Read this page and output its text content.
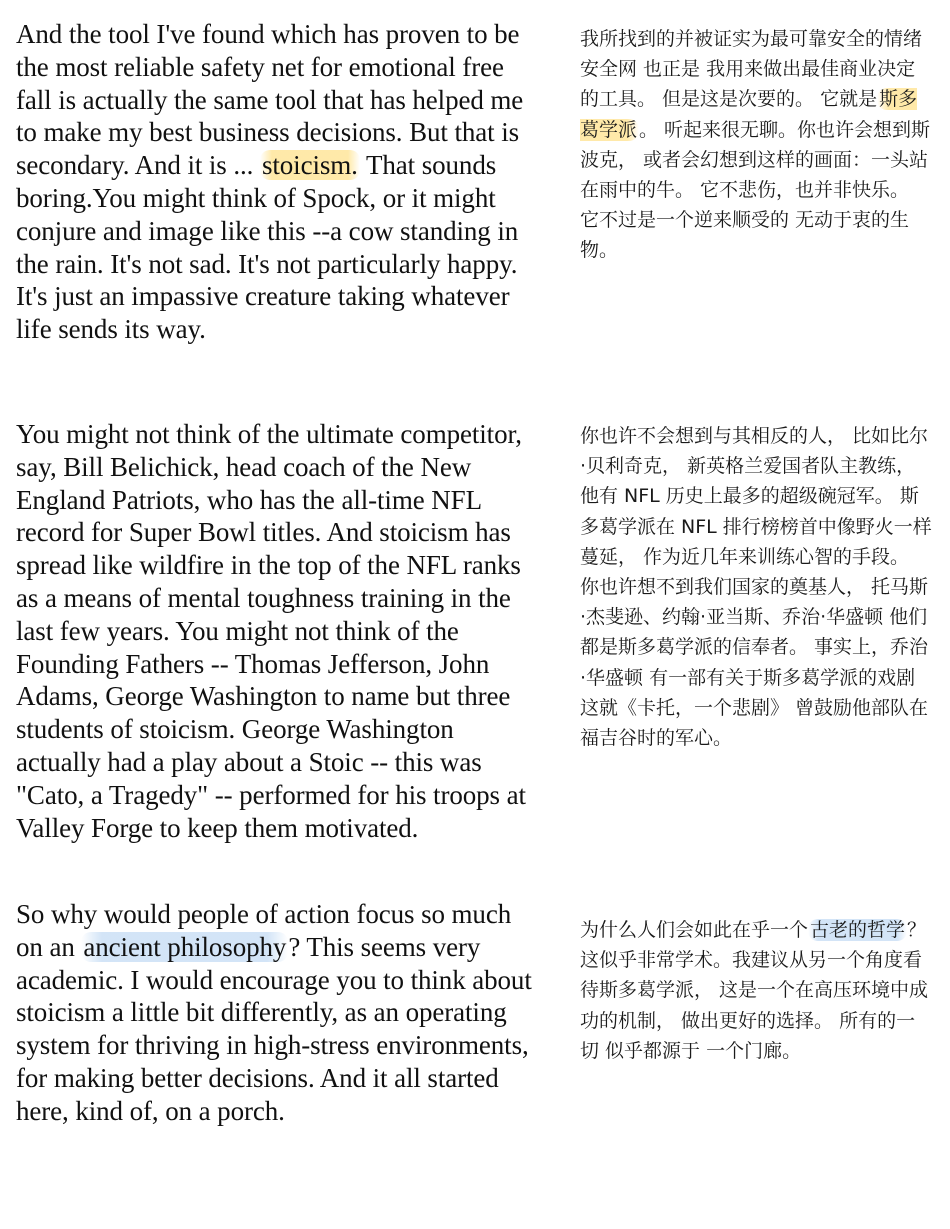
And the tool I've found which has proven to be the most reliable safety net for emotional free fall is actually the same tool that has helped me to make my best business decisions. But that is secondary. And it is ... stoicism. That sounds boring.You might think of Spock, or it might conjure and image like this --a cow standing in the rain. It's not sad. It's not particularly happy. It's just an impassive creature taking whatever life sends its way.

我所找到的并被证实为最可靠安全的情绪安全网 也正是 我用来做出最佳商业决定的工具。 但是这是次要的。 它就是 斯多葛学派 。 听起来很无聊。你也许会想到斯波克， 或者会幻想到这样的画面：一头站在雨中的牛。 它不悲伤，也并非快乐。 它不过是一个逆来顺受的 无动于衷的生物。

You might not think of the ultimate competitor, say, Bill Belichick, head coach of the New England Patriots, who has the all-time NFL record for Super Bowl titles. And stoicism has spread like wildfire in the top of the NFL ranks as a means of mental toughness training in the last few years. You might not think of the Founding Fathers -- Thomas Jefferson, John Adams, George Washington to name but three students of stoicism. George Washington actually had a play about a Stoic -- this was "Cato, a Tragedy" -- performed for his troops at Valley Forge to keep them motivated.

你也许不会想到与其相反的人， 比如比尔·贝利奇克， 新英格兰爱国者队主教练， 他有 NFL 历史上最多的超级碗冠军。 斯多葛学派在 NFL 排行榜榜首中像野火一样蔓延， 作为近几年来训练心智的手段。 你也许想不到我们国家的奠基人， 托马斯·杰斐逊、约翰·亚当斯、乔治·华盛顿 他们都是斯多葛学派的信奉者。 事实上，乔治·华盛顿 有一部有关于斯多葛学派的戏剧 这就《卡托，一个悲剧》 曾鼓励他部队在福吉谷时的军心。

So why would people of action focus so much on an ancient philosophy? This seems very academic. I would encourage you to think about stoicism a little bit differently, as an operating system for thriving in high-stress environments, for making better decisions. And it all started here, kind of, on a porch.

为什么人们会如此在乎一个 古老的哲学 ？ 这似乎非常学术。我建议从另一个角度看待斯多葛学派， 这是一个在高压环境中成功的机制， 做出更好的选择。 所有的一切 似乎都源于 一个门廊。
